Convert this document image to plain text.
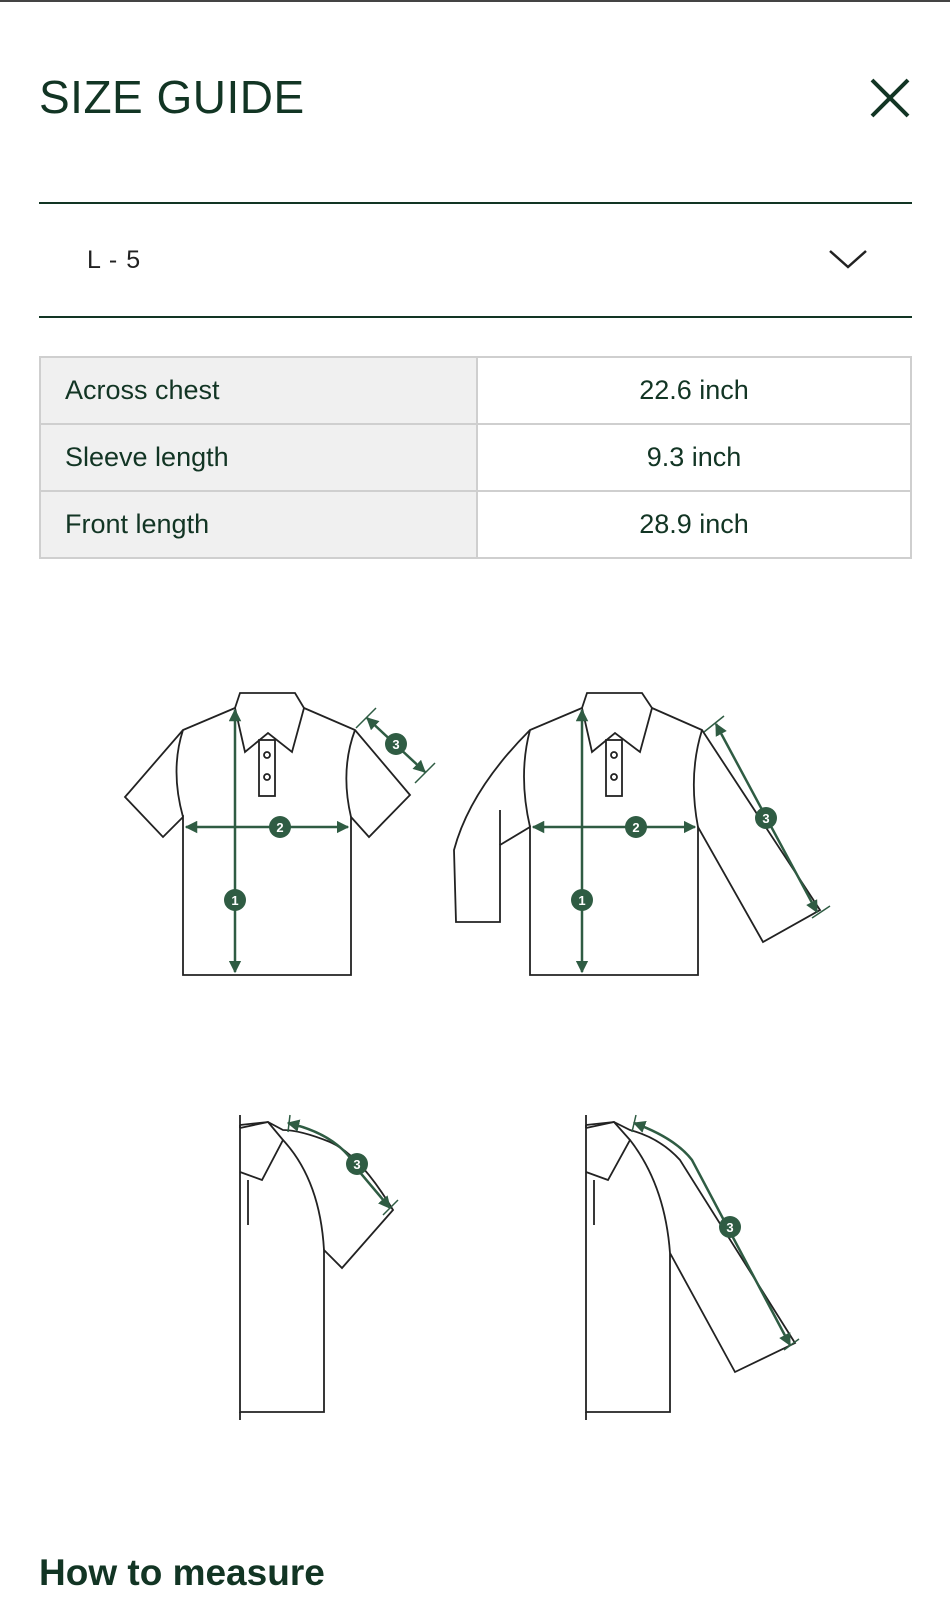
SIZE GUIDE
L - 5
Across chest	22.6 inch
Sleeve length	9.3 inch
Front length	28.9 inch
1
2
3
1
2
3
3
3
How to measure
